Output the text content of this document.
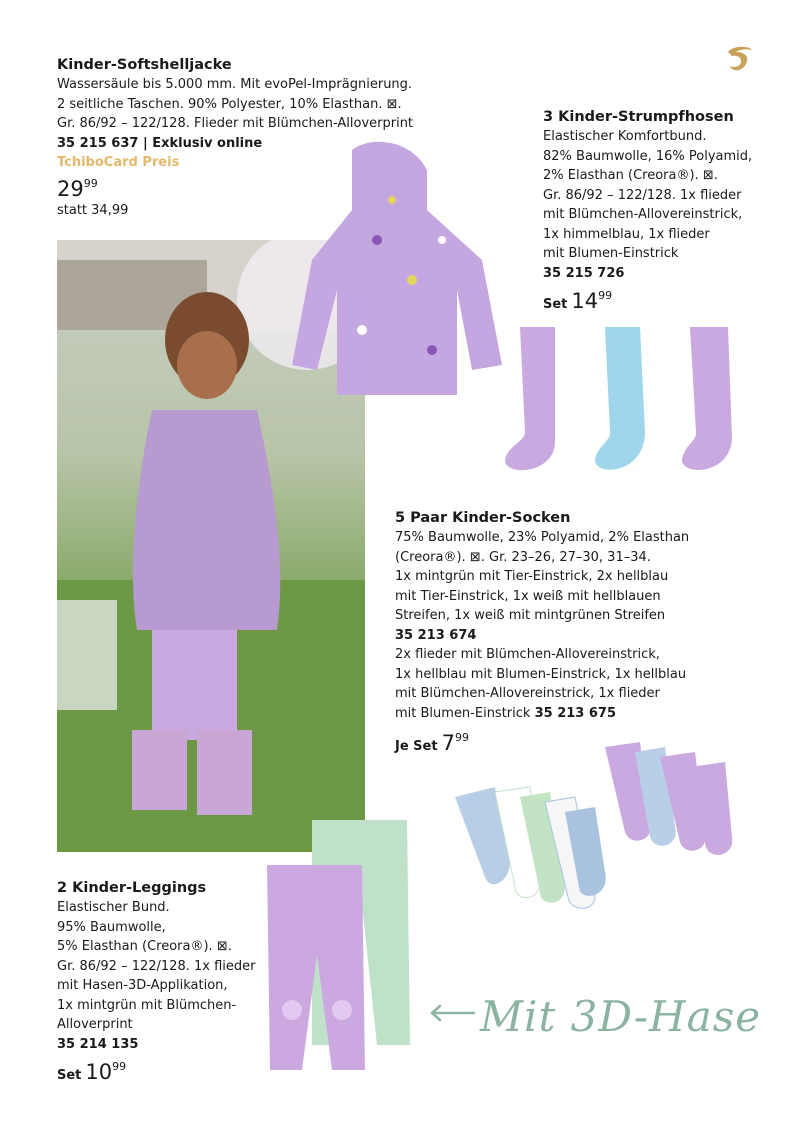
Kinder-Softshelljacke
Wassersäule bis 5.000 mm. Mit evoPel-Imprägnierung.
2 seitliche Taschen. 90% Polyester, 10% Elasthan. ⊠.
Gr. 86/92 – 122/128. Flieder mit Blümchen-Alloverprint
35 215 637 | Exklusiv online
TchiboCard Preis
$29^{99}$
statt 34,99
3 Kinder-Strumpfhosen
Elastischer Komfortbund.
82% Baumwolle, 16% Polyamid,
2% Elasthan (Creora®). ⊠.
Gr. 86/92 – 122/128. 1x flieder
mit Blümchen-Allovereinstrick,
1x himmelblau, 1x flieder
mit Blumen-Einstrick
35 215 726
Set $14^{99}$
5 Paar Kinder-Socken
75% Baumwolle, 23% Polyamid, 2% Elasthan
(Creora®). ⊠. Gr. 23–26, 27–30, 31–34.
1x mintgrün mit Tier-Einstrick, 2x hellblau
mit Tier-Einstrick, 1x weiß mit hellblauen
Streifen, 1x weiß mit mintgrünen Streifen
35 213 674
2x flieder mit Blümchen-Allovereinstrick,
1x hellblau mit Blumen-Einstrick, 1x hellblau
mit Blümchen-Allovereinstrick, 1x flieder
mit Blumen-Einstrick 35 213 675
Je Set $7^{99}$
2 Kinder-Leggings
Elastischer Bund.
95% Baumwolle,
5% Elasthan (Creora®). ⊠.
Gr. 86/92 – 122/128. 1x flieder
mit Hasen-3D-Applikation,
1x mintgrün mit Blümchen-
Alloverprint
35 214 135
Set $10^{99}$
Mit 3D-Hase
